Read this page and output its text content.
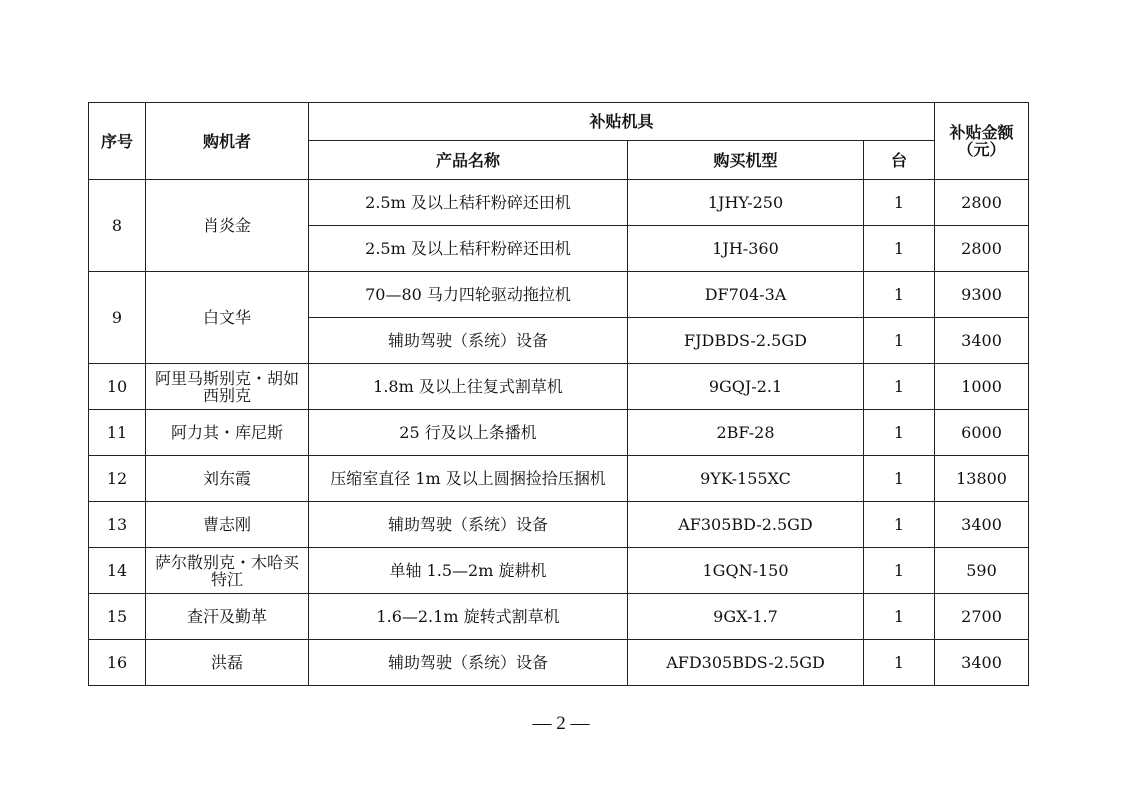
序号	购机者	补贴机具			补贴金额
（元）
		产品名称	购买机型	台	
8	肖炎金	2.5m 及以上秸秆粉碎还田机	1JHY-250	1	2800
		2.5m 及以上秸秆粉碎还田机	1JH-360	1	2800
9	白文华	70—80 马力四轮驱动拖拉机	DF704-3A	1	9300
		辅助驾驶（系统）设备	FJDBDS-2.5GD	1	3400
10	阿里马斯别克・胡如西别克	1.8m 及以上往复式割草机	9GQJ-2.1	1	1000
11	阿力其・库尼斯	25 行及以上条播机	2BF-28	1	6000
12	刘东霞	压缩室直径 1m 及以上圆捆捡拾压捆机	9YK-155XC	1	13800
13	曹志刚	辅助驾驶（系统）设备	AF305BD-2.5GD	1	3400
14	萨尔散别克・木哈买特江	单轴 1.5—2m 旋耕机	1GQN-150	1	590
15	查汗及勤革	1.6—2.1m 旋转式割草机	9GX-1.7	1	2700
16	洪磊	辅助驾驶（系统）设备	AFD305BDS-2.5GD	1	3400
— 2 —
